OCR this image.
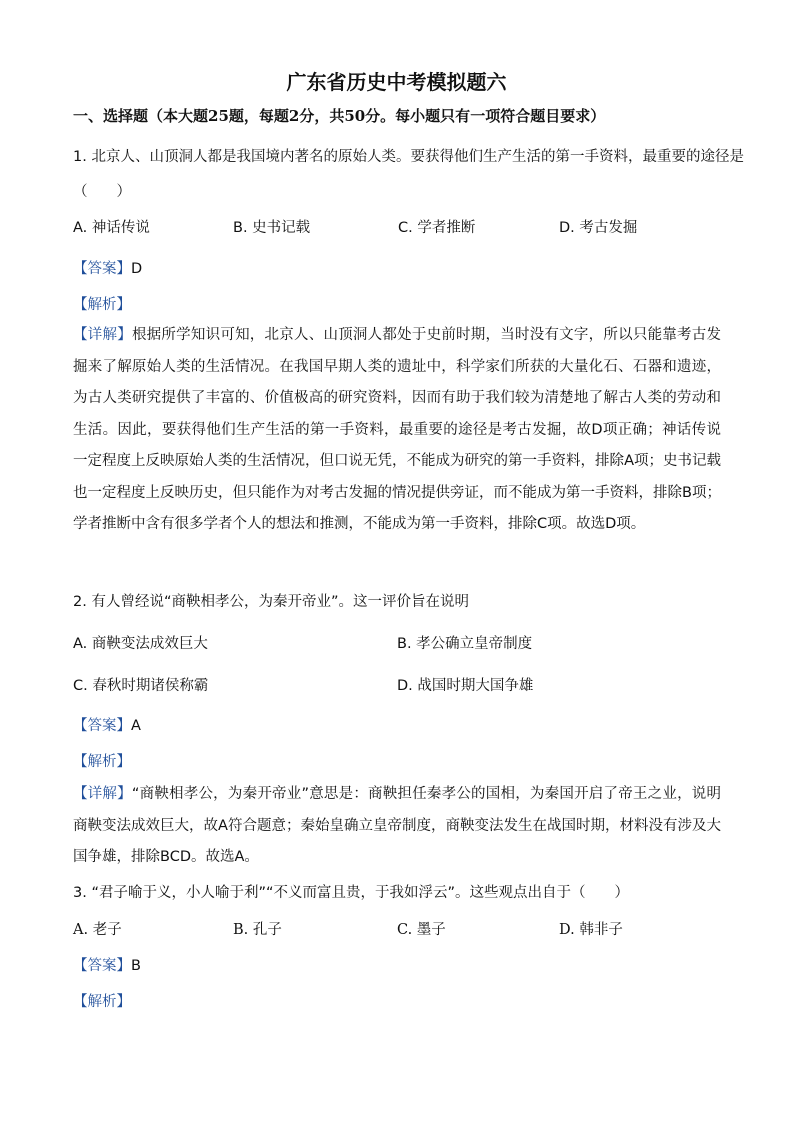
广东省历史中考模拟题六
一、选择题（本大题25题，每题2分，共50分。每小题只有一项符合题目要求）
1. 北京人、山顶洞人都是我国境内著名的原始人类。要获得他们生产生活的第一手资料，最重要的途径是
（　　）
A. 神话传说	B. 史书记载	C. 学者推断	D. 考古发掘
【答案】D
【解析】
【详解】根据所学知识可知，北京人、山顶洞人都处于史前时期，当时没有文字，所以只能靠考古发掘来了解原始人类的生活情况。在我国早期人类的遗址中，科学家们所获的大量化石、石器和遗迹，为古人类研究提供了丰富的、价值极高的研究资料，因而有助于我们较为清楚地了解古人类的劳动和生活。因此，要获得他们生产生活的第一手资料，最重要的途径是考古发掘，故D项正确；神话传说一定程度上反映原始人类的生活情况，但口说无凭，不能成为研究的第一手资料，排除A项；史书记载也一定程度上反映历史，但只能作为对考古发掘的情况提供旁证，而不能成为第一手资料，排除B项；学者推断中含有很多学者个人的想法和推测，不能成为第一手资料，排除C项。故选D项。
2. 有人曾经说“商鞅相孝公，为秦开帝业”。这一评价旨在说明
A. 商鞅变法成效巨大	B. 孝公确立皇帝制度
C. 春秋时期诸侯称霸	D. 战国时期大国争雄
【答案】A
【解析】
【详解】“商鞅相孝公，为秦开帝业”意思是：商鞅担任秦孝公的国相，为秦国开启了帝王之业，说明商鞅变法成效巨大，故A符合题意；秦始皇确立皇帝制度，商鞅变法发生在战国时期，材料没有涉及大国争雄，排除BCD。故选A。
3. “君子喻于义，小人喻于利”“不义而富且贵，于我如浮云”。这些观点出自于（　　）
A. 老子	B. 孔子	C. 墨子	D. 韩非子
【答案】B
【解析】
